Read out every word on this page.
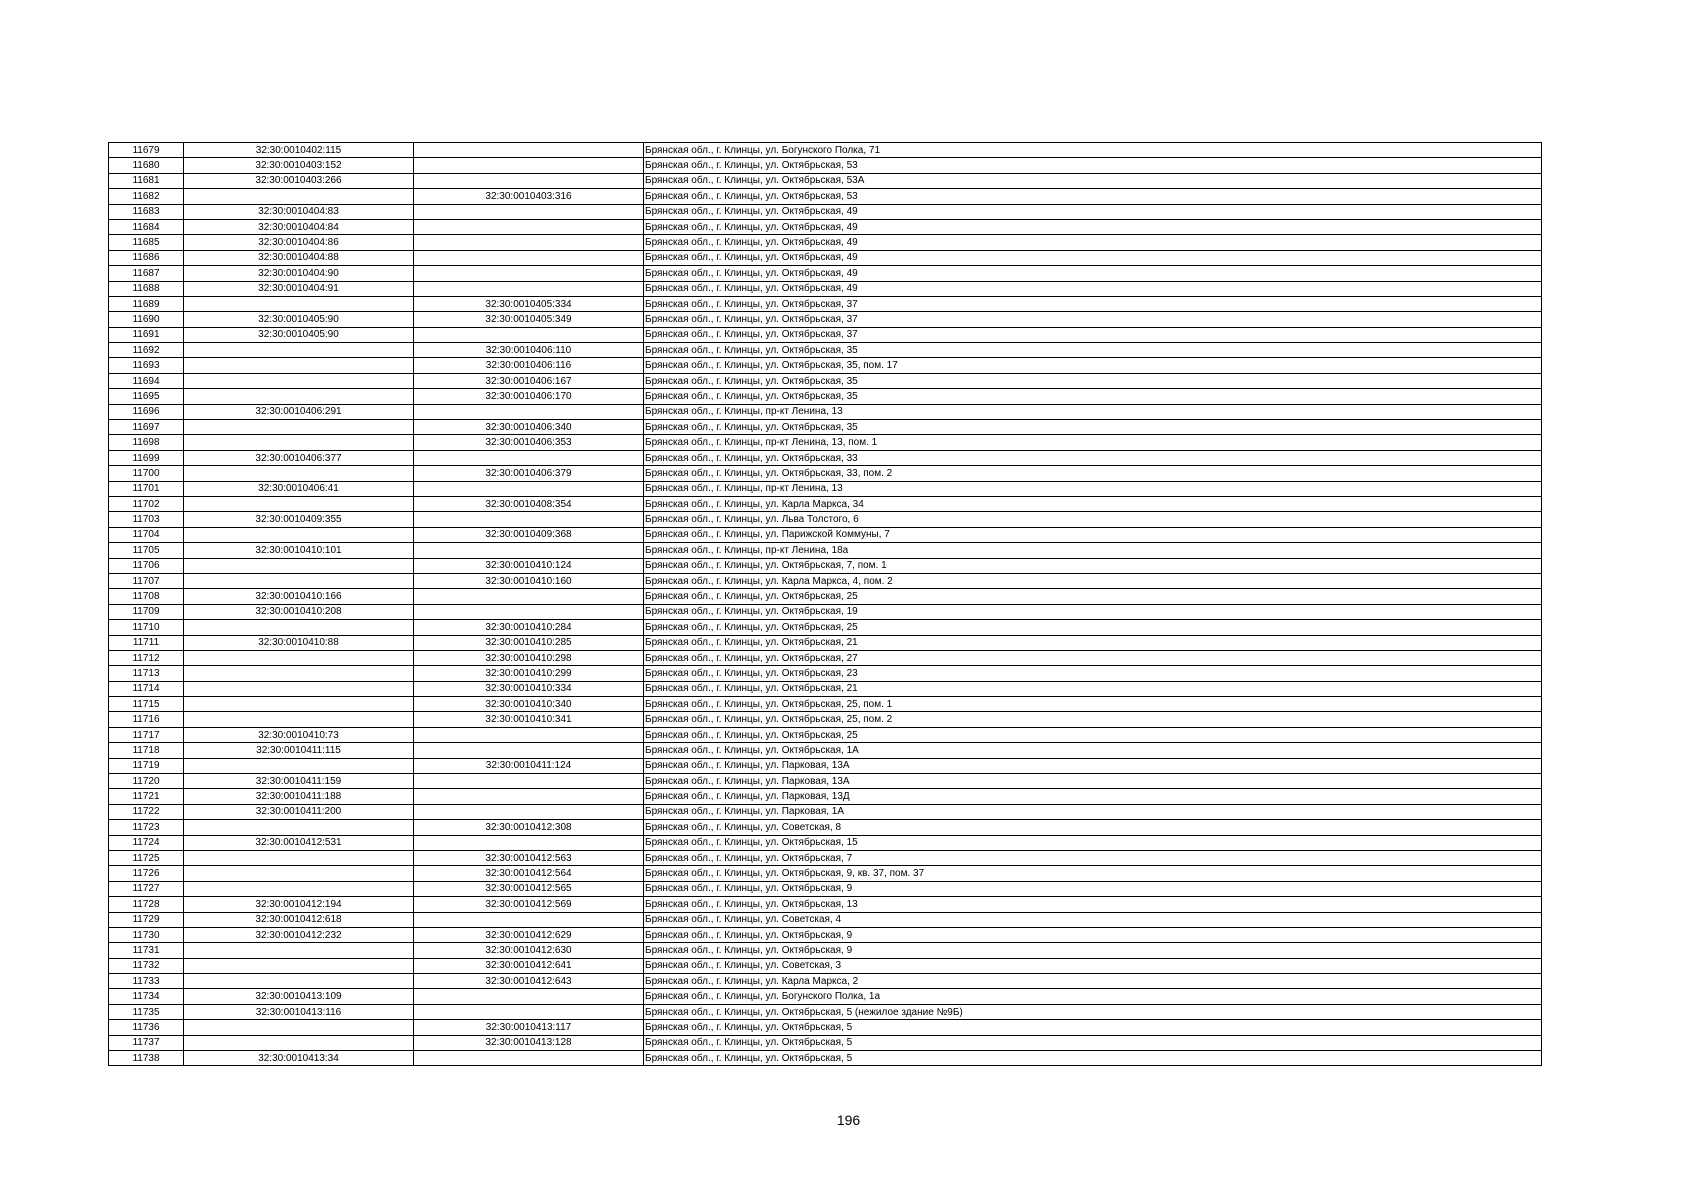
11679	32:30:0010402:115		Брянская обл., г. Клинцы, ул. Богунского Полка, 71
11680	32:30:0010403:152		Брянская обл., г. Клинцы, ул. Октябрьская, 53
11681	32:30:0010403:266		Брянская обл., г. Клинцы, ул. Октябрьская, 53А
11682		32:30:0010403:316	Брянская обл., г. Клинцы, ул. Октябрьская, 53
11683	32:30:0010404:83		Брянская обл., г. Клинцы, ул. Октябрьская, 49
11684	32:30:0010404:84		Брянская обл., г. Клинцы, ул. Октябрьская, 49
11685	32:30:0010404:86		Брянская обл., г. Клинцы, ул. Октябрьская, 49
11686	32:30:0010404:88		Брянская обл., г. Клинцы, ул. Октябрьская, 49
11687	32:30:0010404:90		Брянская обл., г. Клинцы, ул. Октябрьская, 49
11688	32:30:0010404:91		Брянская обл., г. Клинцы, ул. Октябрьская, 49
11689		32:30:0010405:334	Брянская обл., г. Клинцы, ул. Октябрьская, 37
11690	32:30:0010405:90	32:30:0010405:349	Брянская обл., г. Клинцы, ул. Октябрьская, 37
11691	32:30:0010405:90		Брянская обл., г. Клинцы, ул. Октябрьская, 37
11692		32:30:0010406:110	Брянская обл., г. Клинцы, ул. Октябрьская, 35
11693		32:30:0010406:116	Брянская обл., г. Клинцы, ул. Октябрьская, 35, пом. 17
11694		32:30:0010406:167	Брянская обл., г. Клинцы, ул. Октябрьская, 35
11695		32:30:0010406:170	Брянская обл., г. Клинцы, ул. Октябрьская, 35
11696	32:30:0010406:291		Брянская обл., г. Клинцы, пр-кт Ленина, 13
11697		32:30:0010406:340	Брянская обл., г. Клинцы, ул. Октябрьская, 35
11698		32:30:0010406:353	Брянская обл., г. Клинцы, пр-кт Ленина, 13, пом. 1
11699	32:30:0010406:377		Брянская обл., г. Клинцы, ул. Октябрьская, 33
11700		32:30:0010406:379	Брянская обл., г. Клинцы, ул. Октябрьская, 33, пом. 2
11701	32:30:0010406:41		Брянская обл., г. Клинцы, пр-кт Ленина, 13
11702		32:30:0010408:354	Брянская обл., г. Клинцы, ул. Карла Маркса, 34
11703	32:30:0010409:355		Брянская обл., г. Клинцы, ул. Льва Толстого, 6
11704		32:30:0010409:368	Брянская обл., г. Клинцы, ул. Парижской Коммуны, 7
11705	32:30:0010410:101		Брянская обл., г. Клинцы, пр-кт Ленина, 18а
11706		32:30:0010410:124	Брянская обл., г. Клинцы, ул. Октябрьская, 7, пом. 1
11707		32:30:0010410:160	Брянская обл., г. Клинцы, ул. Карла Маркса, 4, пом. 2
11708	32:30:0010410:166		Брянская обл., г. Клинцы, ул. Октябрьская, 25
11709	32:30:0010410:208		Брянская обл., г. Клинцы, ул. Октябрьская, 19
11710		32:30:0010410:284	Брянская обл., г. Клинцы, ул. Октябрьская, 25
11711	32:30:0010410:88	32:30:0010410:285	Брянская обл., г. Клинцы, ул. Октябрьская, 21
11712		32:30:0010410:298	Брянская обл., г. Клинцы, ул. Октябрьская, 27
11713		32:30:0010410:299	Брянская обл., г. Клинцы, ул. Октябрьская, 23
11714		32:30:0010410:334	Брянская обл., г. Клинцы, ул. Октябрьская, 21
11715		32:30:0010410:340	Брянская обл., г. Клинцы, ул. Октябрьская, 25, пом. 1
11716		32:30:0010410:341	Брянская обл., г. Клинцы, ул. Октябрьская, 25, пом. 2
11717	32:30:0010410:73		Брянская обл., г. Клинцы, ул. Октябрьская, 25
11718	32:30:0010411:115		Брянская обл., г. Клинцы, ул. Октябрьская, 1А
11719		32:30:0010411:124	Брянская обл., г. Клинцы, ул. Парковая, 13А
11720	32:30:0010411:159		Брянская обл., г. Клинцы, ул. Парковая, 13А
11721	32:30:0010411:188		Брянская обл., г. Клинцы, ул. Парковая, 13Д
11722	32:30:0010411:200		Брянская обл., г. Клинцы, ул. Парковая, 1А
11723		32:30:0010412:308	Брянская обл., г. Клинцы, ул. Советская, 8
11724	32:30:0010412:531		Брянская обл., г. Клинцы, ул. Октябрьская, 15
11725		32:30:0010412:563	Брянская обл., г. Клинцы, ул. Октябрьская, 7
11726		32:30:0010412:564	Брянская обл., г. Клинцы, ул. Октябрьская, 9, кв. 37, пом. 37
11727		32:30:0010412:565	Брянская обл., г. Клинцы, ул. Октябрьская, 9
11728	32:30:0010412:194	32:30:0010412:569	Брянская обл., г. Клинцы, ул. Октябрьская, 13
11729	32:30:0010412:618		Брянская обл., г. Клинцы, ул. Советская, 4
11730	32:30:0010412:232	32:30:0010412:629	Брянская обл., г. Клинцы, ул. Октябрьская, 9
11731		32:30:0010412:630	Брянская обл., г. Клинцы, ул. Октябрьская, 9
11732		32:30:0010412:641	Брянская обл., г. Клинцы, ул. Советская, 3
11733		32:30:0010412:643	Брянская обл., г. Клинцы, ул. Карла Маркса, 2
11734	32:30:0010413:109		Брянская обл., г. Клинцы, ул. Богунского Полка, 1а
11735	32:30:0010413:116		Брянская обл., г. Клинцы, ул. Октябрьская, 5 (нежилое здание №9Б)
11736		32:30:0010413:117	Брянская обл., г. Клинцы, ул. Октябрьская, 5
11737		32:30:0010413:128	Брянская обл., г. Клинцы, ул. Октябрьская, 5
11738	32:30:0010413:34		Брянская обл., г. Клинцы, ул. Октябрьская, 5
196
